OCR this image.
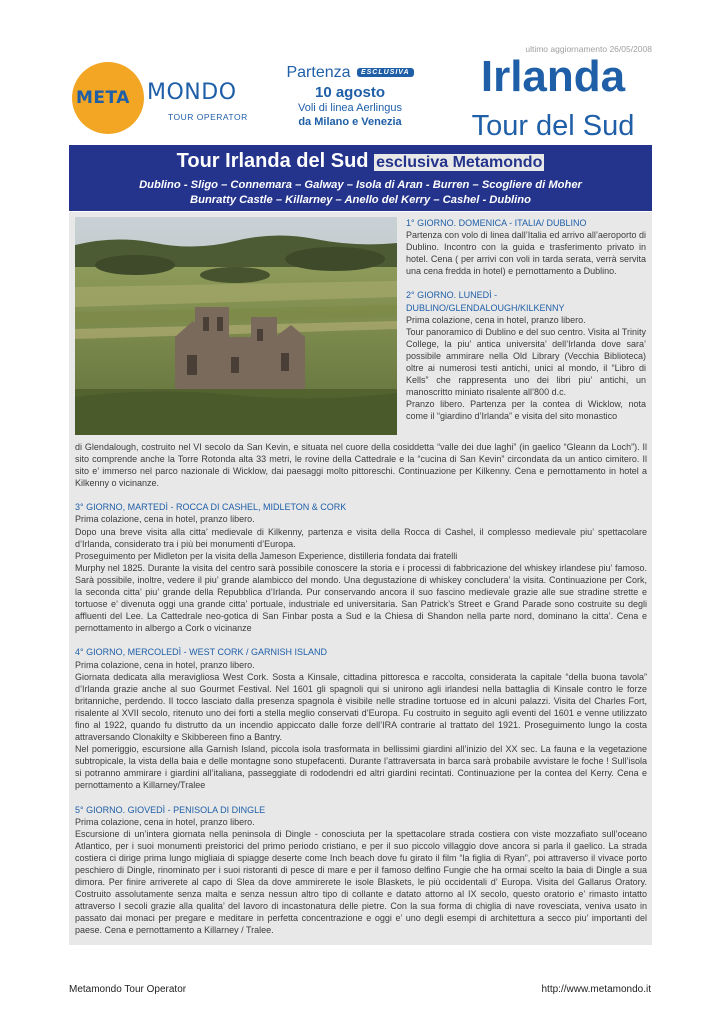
ultimo aggiornamento 26/05/2008
META MONDO
TOUR OPERATOR
Partenza ESCLUSIVA
10 agosto
Voli di linea Aerlingus
da Milano e Venezia
Irlanda
Tour del Sud
Tour Irlanda del Sud esclusiva Metamondo
Dublino - Sligo – Connemara – Galway – Isola di Aran - Burren – Scogliere di Moher
Bunratty Castle – Killarney – Anello del Kerry – Cashel - Dublino

1° GIORNO. DOMENICA - ITALIA/ DUBLINO

Partenza con volo di linea dall’Italia ed arrivo all’aeroporto di Dublino. Incontro con la guida e trasferimento privato in hotel. Cena ( per arrivi con voli in tarda serata, verrà servita una cena fredda in hotel) e pernottamento a Dublino.

2° GIORNO. LUNEDÌ - DUBLINO/GLENDALOUGH/KILKENNY

Prima colazione, cena in hotel, pranzo libero.

Tour panoramico di Dublino e del suo centro. Visita al Trinity College, la piu’ antica universita’ dell’Irlanda dove sara’ possibile ammirare nella Old Library (Vecchia Biblioteca) oltre ai numerosi testi antichi, unici al mondo, il “Libro di Kells” che rappresenta uno dei libri piu’ antichi, un manoscritto miniato risalente all’800 d.c.

Pranzo libero. Partenza per la contea di Wicklow, nota come il “giardino d’Irlanda” e visita del sito monastico

di Glendalough, costruito nel VI secolo da San Kevin, e situata nel cuore della cosiddetta “valle dei due laghi” (in gaelico “Gleann da Loch”). Il sito comprende anche la Torre Rotonda alta 33 metri, le rovine della Cattedrale e la “cucina di San Kevin” circondata da un antico cimitero. Il sito e’ immerso nel parco nazionale di Wicklow, dai paesaggi molto pittoreschi. Continuazione per Kilkenny. Cena e pernottamento in hotel a Kilkenny o vicinanze.

3° GIORNO, MARTEDÌ - ROCCA DI CASHEL, MIDLETON & CORK

Prima colazione, cena in hotel, pranzo libero.

Dopo una breve visita alla citta’ medievale di Kilkenny, partenza e visita della Rocca di Cashel, il complesso medievale piu’ spettacolare d’Irlanda, considerato tra i più bei monumenti d’Europa.

Proseguimento per Midleton per la visita della Jameson Experience, distilleria fondata dai fratelli

Murphy nel 1825. Durante la visita del centro sarà possibile conoscere la storia e i processi di fabbricazione del whiskey irlandese piu’ famoso. Sarà possibile, inoltre, vedere il piu’ grande alambicco del mondo. Una degustazione di whiskey concludera’ la visita. Continuazione per Cork, la seconda citta’ piu’ grande della Repubblica d’Irlanda. Pur conservando ancora il suo fascino medievale grazie alle sue stradine strette e tortuose e’ divenuta oggi una grande citta’ portuale, industriale ed universitaria. San Patrick’s Street e Grand Parade sono costruite su degli affluenti del Lee. La Cattedrale neo-gotica di San Finbar posta a Sud e la Chiesa di Shandon nella parte nord, dominano la citta’. Cena e pernottamento in albergo a Cork o vicinanze

4° GIORNO, MERCOLEDÌ - WEST CORK / GARNISH ISLAND

Prima colazione, cena in hotel, pranzo libero.

Giornata dedicata alla meravigliosa West Cork. Sosta a Kinsale, cittadina pittoresca e raccolta, considerata la capitale “della buona tavola” d’Irlanda grazie anche al suo Gourmet Festival. Nel 1601 gli spagnoli qui si unirono agli irlandesi nella battaglia di Kinsale contro le forze britanniche, perdendo. Il tocco lasciato dalla presenza spagnola è visibile nelle stradine tortuose ed in alcuni palazzi. Visita del Charles Fort, risalente al XVII secolo, ritenuto uno dei forti a stella meglio conservati d’Europa. Fu costruito in seguito agli eventi del 1601 e venne utilizzato fino al 1922, quando fu distrutto da un incendio appiccato dalle forze dell’IRA contrarie al trattato del 1921. Proseguimento lungo la costa attraversando Clonakilty e Skibbereen fino a Bantry.

Nel pomeriggio, escursione alla Garnish Island, piccola isola trasformata in bellissimi giardini all’inizio del XX sec. La fauna e la vegetazione subtropicale, la vista della baia e delle montagne sono stupefacenti. Durante l’attraversata in barca sarà probabile avvistare le foche ! Sull’isola si potranno ammirare i giardini all’italiana, passeggiate di rododendri ed altri giardini recintati. Continuazione per la contea del Kerry. Cena e pernottamento a Killarney/Tralee

5° GIORNO. GIOVEDÌ - PENISOLA DI DINGLE

Prima colazione, cena in hotel, pranzo libero.

Escursione di un’intera giornata nella peninsola di Dingle - conosciuta per la spettacolare strada costiera con viste mozzafiato sull’oceano Atlantico, per i suoi monumenti preistorici del primo periodo cristiano, e per il suo piccolo villaggio dove ancora si parla il gaelico. La strada costiera ci dirige prima lungo migliaia di spiagge deserte come Inch beach dove fu girato il film “la figlia di Ryan”, poi attraverso il vivace porto peschiero di Dingle, rinominato per i suoi ristoranti di pesce di mare e per il famoso delfino Fungie che ha ormai scelto la baia di Dingle a sua dimora. Per finire arriverete al capo di Slea da dove ammirerete le isole Blaskets, le più occidentali d’ Europa. Visita del Gallarus Oratory. Costruito assolutamente senza malta e senza nessun altro tipo di collante e datato attorno al IX secolo, questo oratorio e’ rimasto intatto attraverso I secoli grazie alla qualita’ del lavoro di incastonatura delle pietre. Con la sua forma di chiglia di nave rovesciata, veniva usato in passato dai monaci per pregare e meditare in perfetta concentrazione e oggi e’ uno degli esempi di architettura a secco piu’ importanti del paese. Cena e pernottamento a Killarney / Tralee.

Metamondo Tour Operator	http://www.metamondo.it
